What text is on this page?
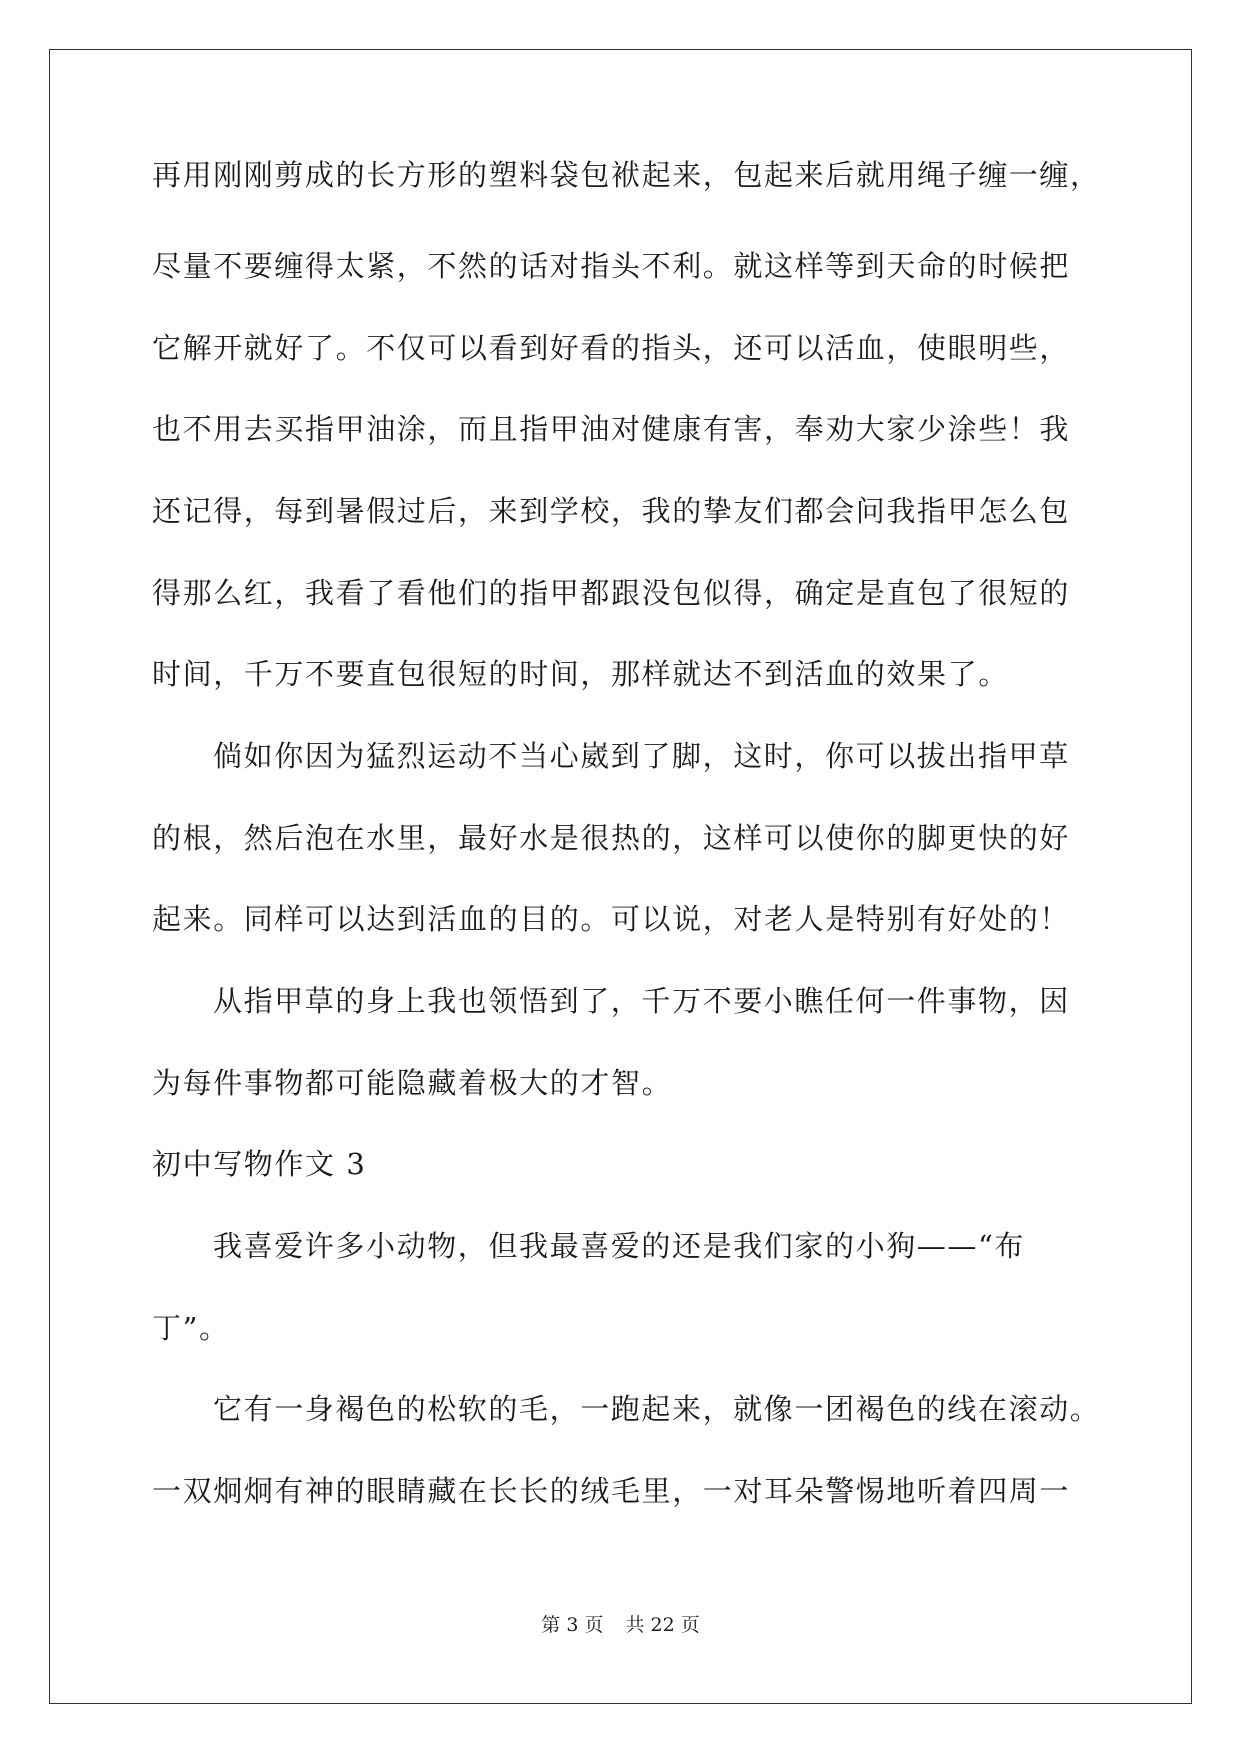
再用刚刚剪成的长方形的塑料袋包袱起来，包起来后就用绳子缠一缠，
尽量不要缠得太紧，不然的话对指头不利。就这样等到天命的时候把
它解开就好了。不仅可以看到好看的指头，还可以活血，使眼明些，
也不用去买指甲油涂，而且指甲油对健康有害，奉劝大家少涂些！我
还记得，每到暑假过后，来到学校，我的挚友们都会问我指甲怎么包
得那么红，我看了看他们的指甲都跟没包似得，确定是直包了很短的
时间，千万不要直包很短的时间，那样就达不到活血的效果了。
倘如你因为猛烈运动不当心崴到了脚，这时，你可以拔出指甲草
的根，然后泡在水里，最好水是很热的，这样可以使你的脚更快的好
起来。同样可以达到活血的目的。可以说，对老人是特别有好处的！
从指甲草的身上我也领悟到了，千万不要小瞧任何一件事物，因
为每件事物都可能隐藏着极大的才智。
初中写物作文 3
我喜爱许多小动物，但我最喜爱的还是我们家的小狗——“布
丁”。
它有一身褐色的松软的毛，一跑起来，就像一团褐色的线在滚动。
一双炯炯有神的眼睛藏在长长的绒毛里，一对耳朵警惕地听着四周一
第 3 页 共 22 页
